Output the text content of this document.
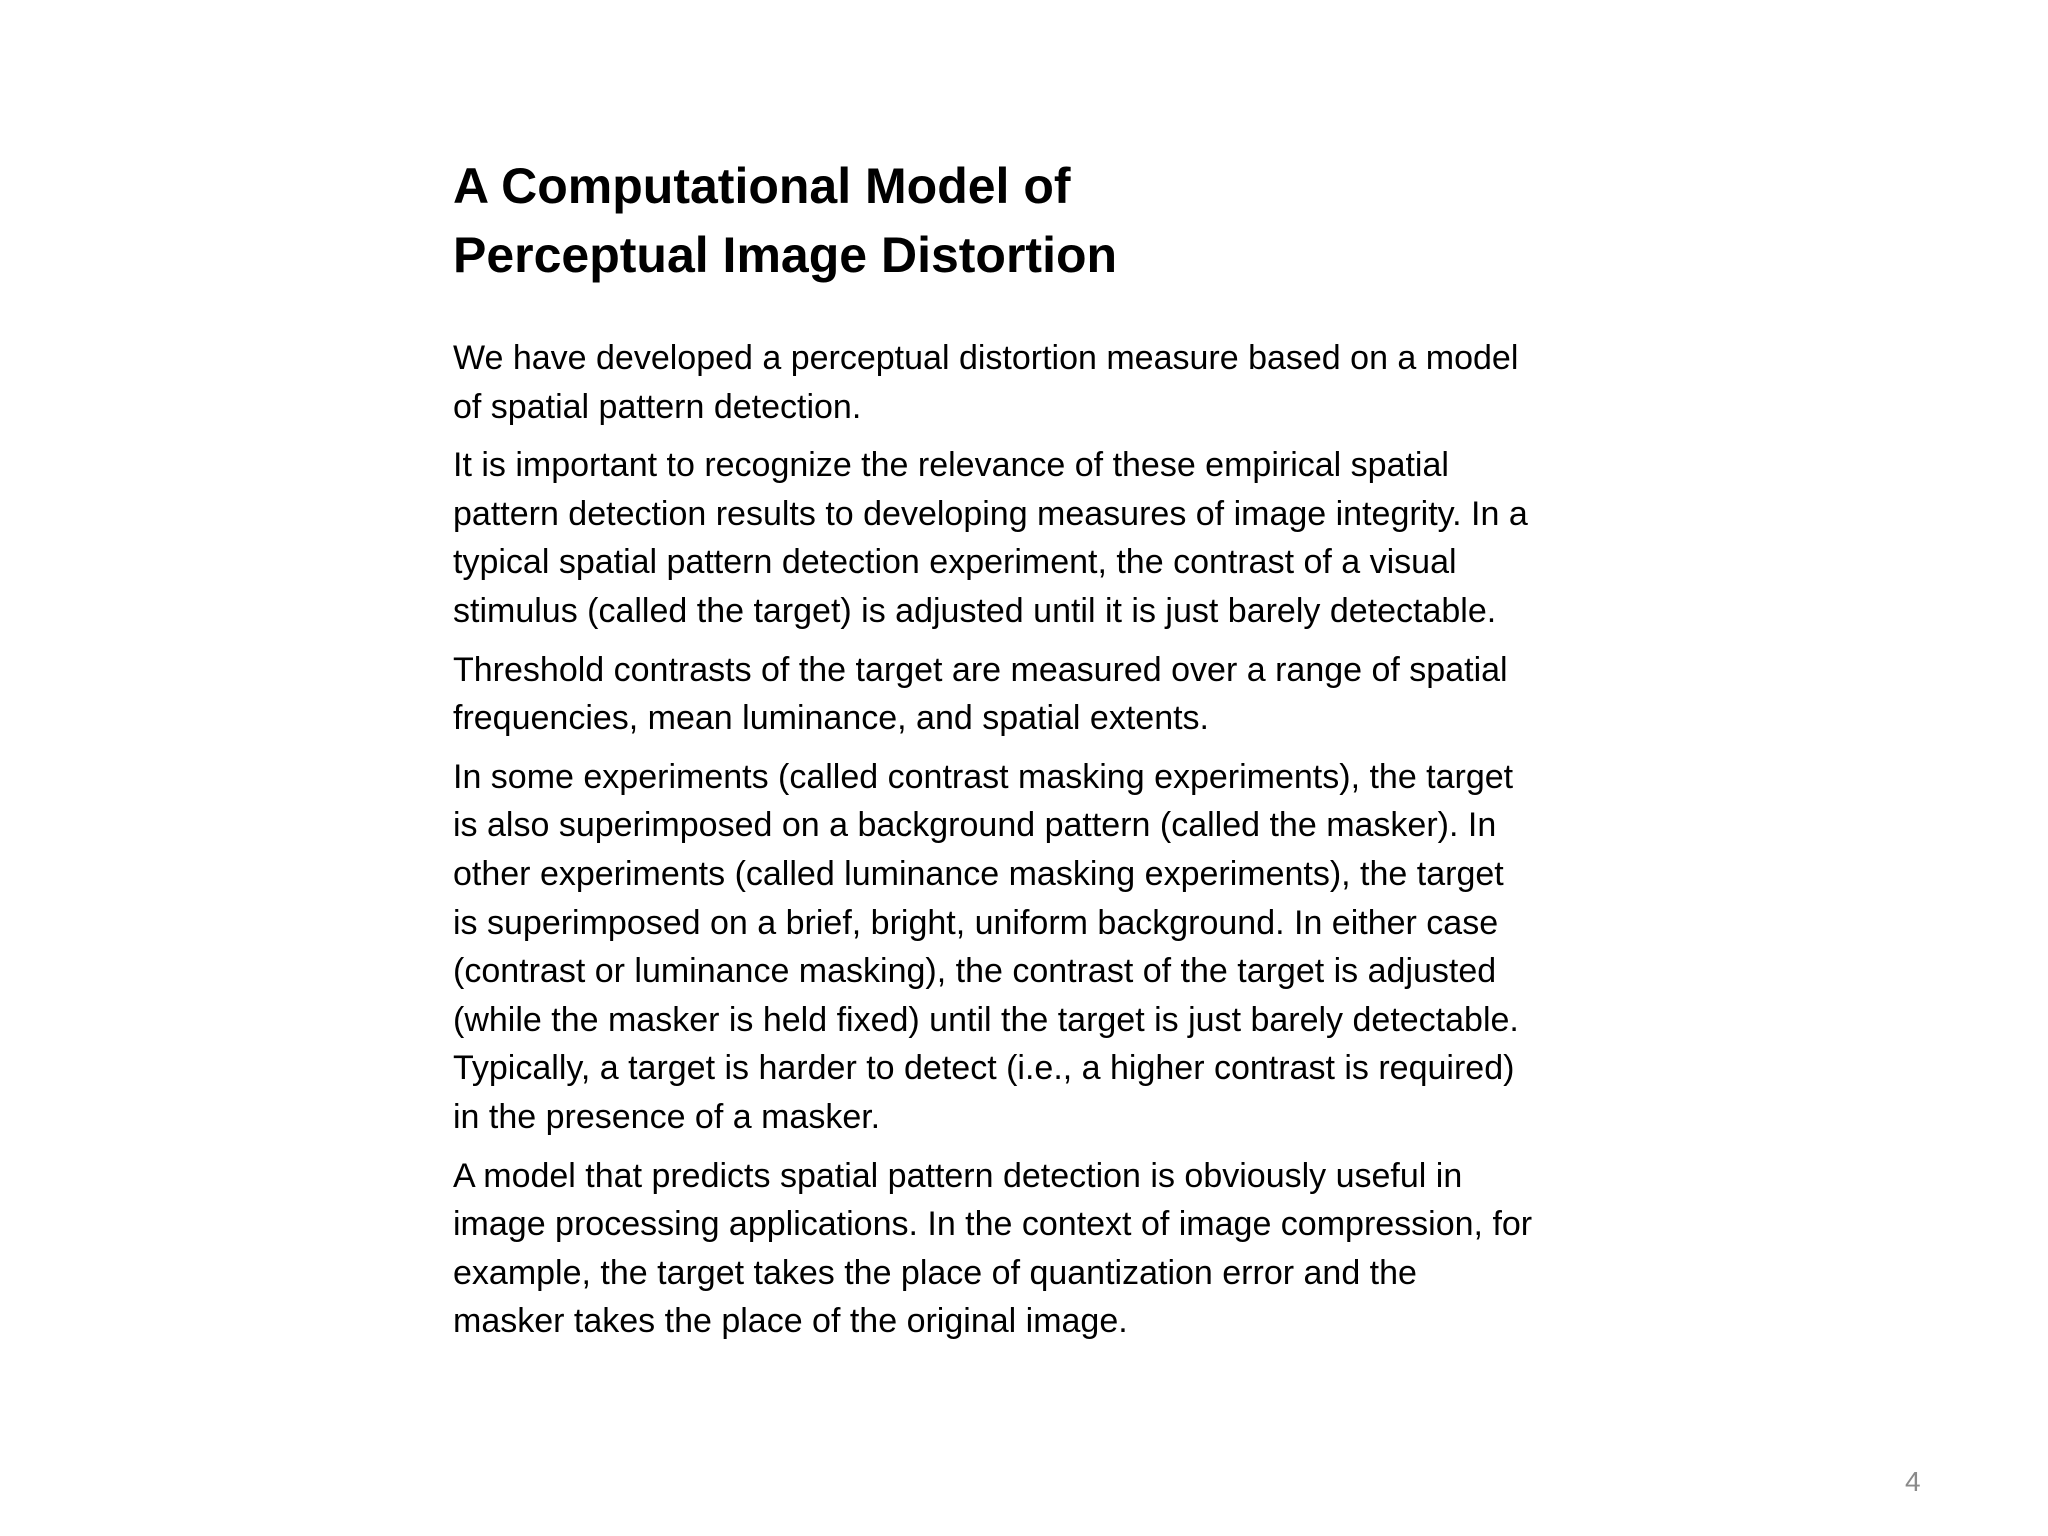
A Computational Model of
Perceptual Image Distortion

We have developed a perceptual distortion measure based on a model
of spatial pattern detection.

It is important to recognize the relevance of these empirical spatial
pattern detection results to developing measures of image integrity. In a
typical spatial pattern detection experiment, the contrast of a visual
stimulus (called the target) is adjusted until it is just barely detectable.

Threshold contrasts of the target are measured over a range of spatial
frequencies, mean luminance, and spatial extents.

In some experiments (called contrast masking experiments), the target
is also superimposed on a background pattern (called the masker). In
other experiments (called luminance masking experiments), the target
is superimposed on a brief, bright, uniform background. In either case
(contrast or luminance masking), the contrast of the target is adjusted
(while the masker is held fixed) until the target is just barely detectable.
Typically, a target is harder to detect (i.e., a higher contrast is required)
in the presence of a masker.

A model that predicts spatial pattern detection is obviously useful in
image processing applications. In the context of image compression, for
example, the target takes the place of quantization error and the
masker takes the place of the original image.

4
